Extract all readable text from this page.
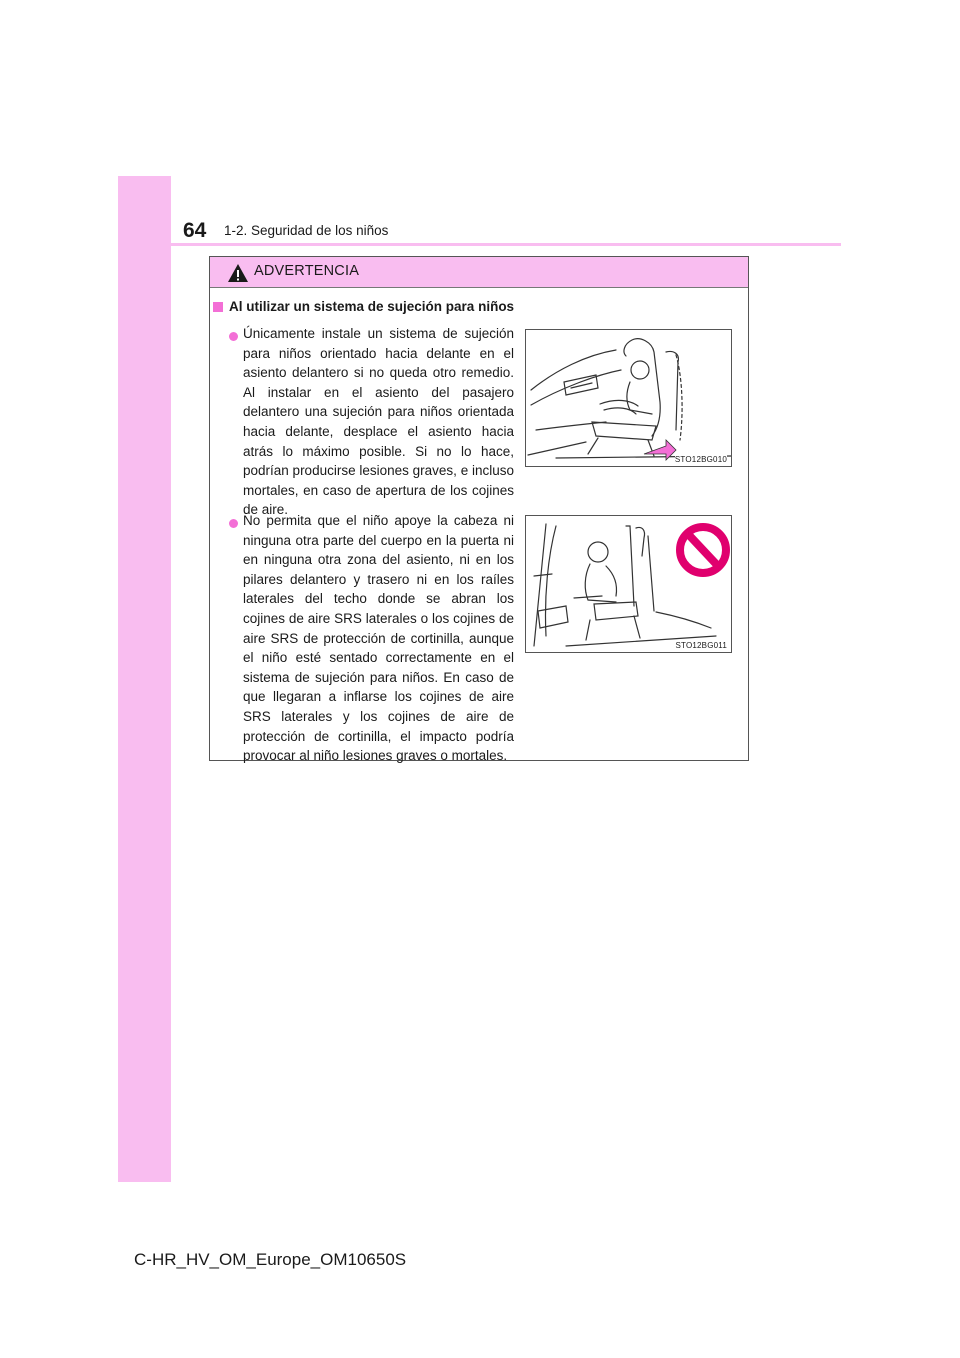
64 1-2. Seguridad de los niños
ADVERTENCIA
Al utilizar un sistema de sujeción para niños
Únicamente instale un sistema de sujeción para niños orientado hacia delante en el asiento delantero si no queda otro remedio. Al instalar en el asiento del pasajero delantero una sujeción para niños orientada hacia delante, desplace el asiento hacia atrás lo máximo posible. Si no lo hace, podrían producirse lesiones graves, e incluso mortales, en caso de apertura de los cojines de aire.
STO12BG010
No permita que el niño apoye la cabeza ni ninguna otra parte del cuerpo en la puerta ni en ninguna otra zona del asiento, ni en los pilares delantero y trasero ni en los raíles laterales del techo donde se abran los cojines de aire SRS laterales o los cojines de aire SRS de protección de cortinilla, aunque el niño esté sentado correctamente en el sistema de sujeción para niños. En caso de que llegaran a inflarse los cojines de aire SRS laterales y los cojines de aire de protección de cortinilla, el impacto podría provocar al niño lesiones graves o mortales.
STO12BG011
C-HR_HV_OM_Europe_OM10650S
